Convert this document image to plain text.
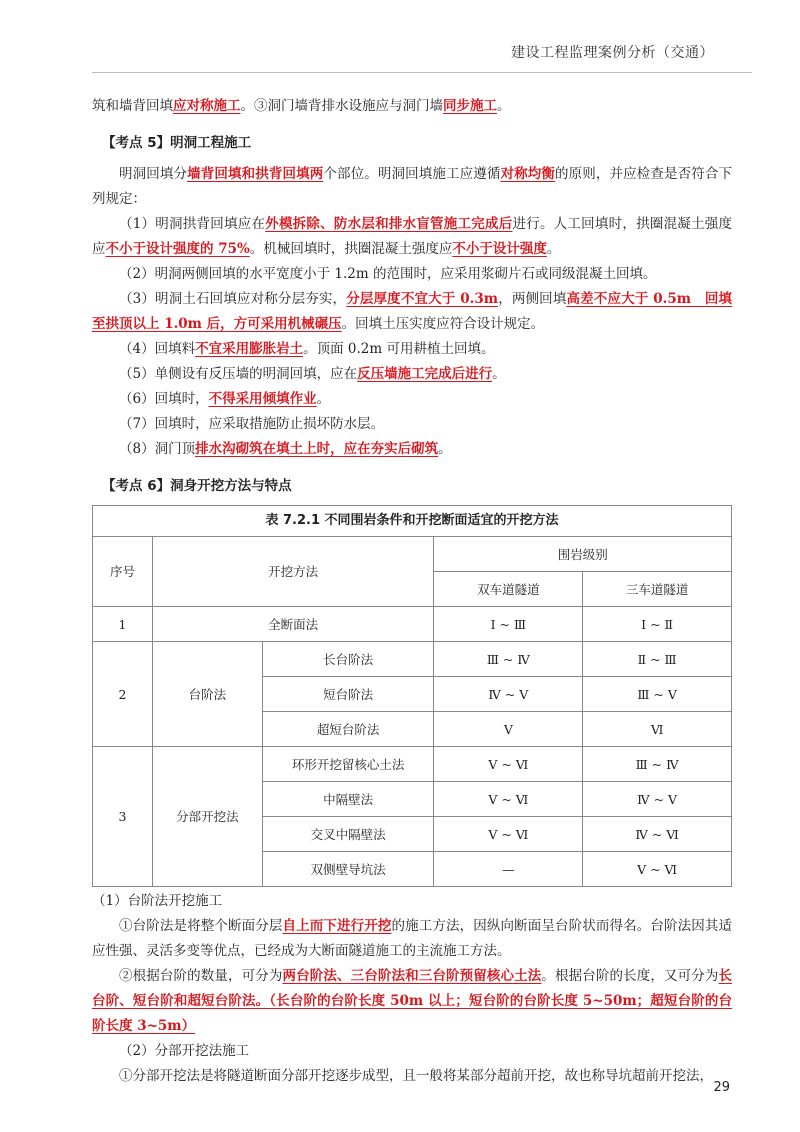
建设工程监理案例分析（交通）

筑和墙背回填应对称施工。③洞门墙背排水设施应与洞门墙同步施工。

【考点 5】明洞工程施工

明洞回填分墙背回填和拱背回填两个部位。明洞回填施工应遵循对称均衡的原则，并应检查是否符合下列规定：

（1）明洞拱背回填应在外模拆除、防水层和排水盲管施工完成后进行。人工回填时，拱圈混凝土强度应不小于设计强度的 75%。机械回填时，拱圈混凝土强度应不小于设计强度。

（2）明洞两侧回填的水平宽度小于 1.2m 的范围时，应采用浆砌片石或同级混凝土回填。

（3）明洞土石回填应对称分层夯实，分层厚度不宜大于 0.3m，两侧回填高差不应大于 0.5m　回填至拱顶以上 1.0m 后，方可采用机械碾压。回填土压实度应符合设计规定。

（4）回填料不宜采用膨胀岩土。顶面 0.2m 可用耕植土回填。

（5）单侧设有反压墙的明洞回填，应在反压墙施工完成后进行。

（6）回填时，不得采用倾填作业。

（7）回填时，应采取措施防止损坏防水层。

（8）洞门顶排水沟砌筑在填土上时，应在夯实后砌筑。

【考点 6】洞身开挖方法与特点
表 7.2.1 不同围岩条件和开挖断面适宜的开挖方法
序号	开挖方法		围岩级别	
			双车道隧道	三车道隧道
1	全断面法		Ⅰ ~ Ⅲ	Ⅰ ~ Ⅱ
2	台阶法	长台阶法	Ⅲ ~ Ⅳ	Ⅱ ~ Ⅲ
		短台阶法	Ⅳ ~ Ⅴ	Ⅲ ~ Ⅴ
		超短台阶法	Ⅴ	Ⅵ
3	分部开挖法	环形开挖留核心土法	Ⅴ ~ Ⅵ	Ⅲ ~ Ⅳ
		中隔壁法	Ⅴ ~ Ⅵ	Ⅳ ~ Ⅴ
		交叉中隔壁法	Ⅴ ~ Ⅵ	Ⅳ ~ Ⅵ
		双侧壁导坑法	—	Ⅴ ~ Ⅵ

（1）台阶法开挖施工

①台阶法是将整个断面分层自上而下进行开挖的施工方法，因纵向断面呈台阶状而得名。台阶法因其适应性强、灵活多变等优点，已经成为大断面隧道施工的主流施工方法。

②根据台阶的数量，可分为两台阶法、三台阶法和三台阶预留核心土法。根据台阶的长度，又可分为长台阶、短台阶和超短台阶法。（长台阶的台阶长度 50m 以上；短台阶的台阶长度 5~50m；超短台阶的台阶长度 3~5m）

（2）分部开挖法施工

①分部开挖法是将隧道断面分部开挖逐步成型，且一般将某部分超前开挖，故也称导坑超前开挖法，

29
